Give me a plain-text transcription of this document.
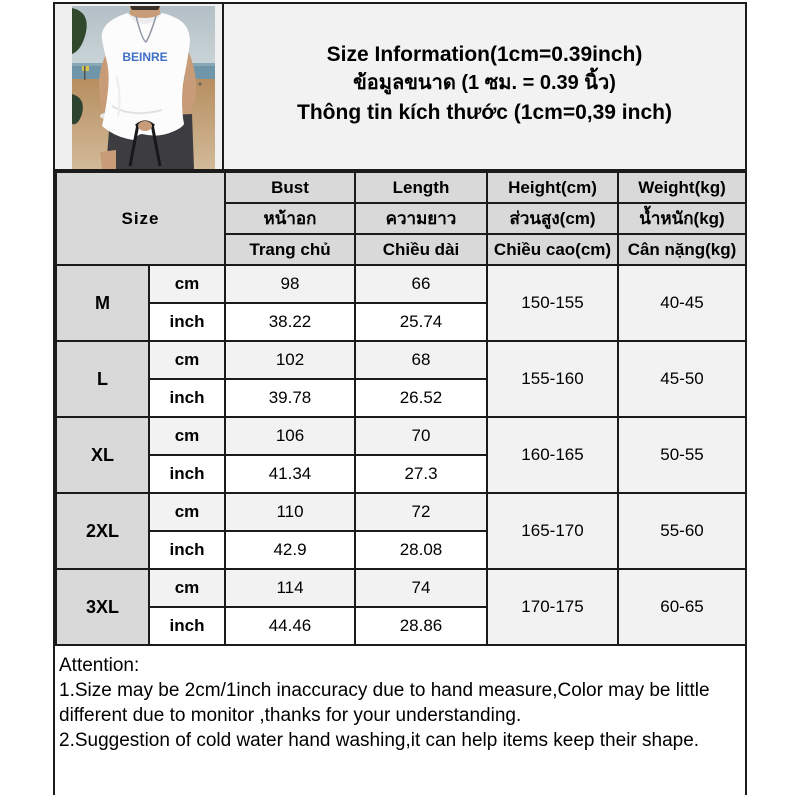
BEINRE	Size Information(1cm=0.39inch)
ข้อมูลขนาด (1 ซม. = 0.39 นิ้ว)
Thông tin kích thước (1cm=0,39 inch)
Size		Bust	Length	Height(cm)	Weight(kg)
		หน้าอก	ความยาว	ส่วนสูง(cm)	น้ำหนัก(kg)
		Trang chủ	Chiều dài	Chiều cao(cm)	Cân nặng(kg)
M	cm	98	66	150-155	40-45
	inch	38.22	25.74		
L	cm	102	68	155-160	45-50
	inch	39.78	26.52		
XL	cm	106	70	160-165	50-55
	inch	41.34	27.3		
2XL	cm	110	72	165-170	55-60
	inch	42.9	28.08		
3XL	cm	114	74	170-175	60-65
	inch	44.46	28.86		
Attention:
1.Size may be 2cm/1inch inaccuracy due to hand measure,Color may be little different due to monitor ,thanks for your understanding.
2.Suggestion of cold water hand washing,it can help items keep their shape.
